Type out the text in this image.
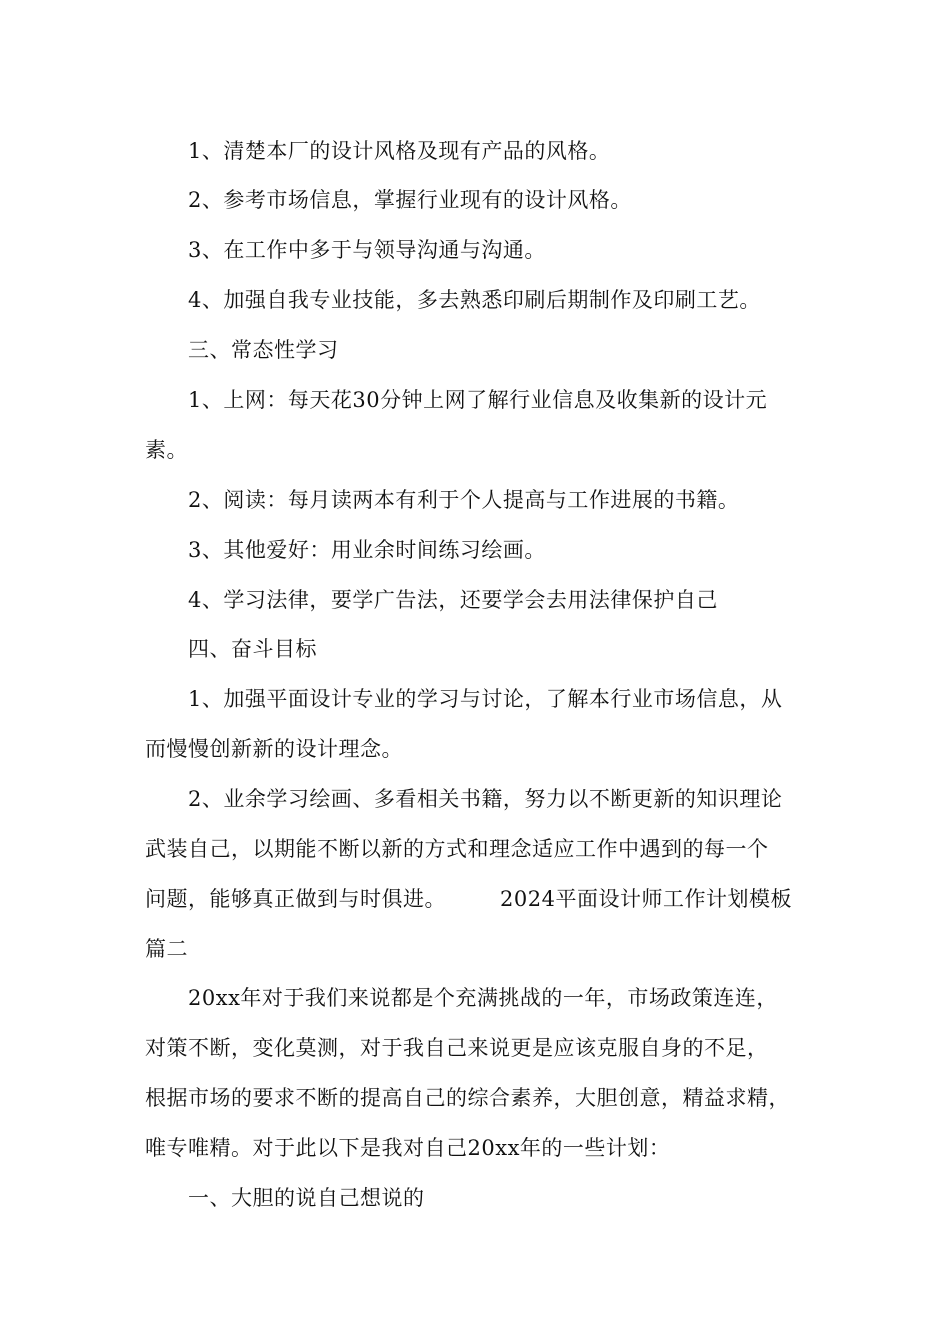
1、清楚本厂的设计风格及现有产品的风格。
2、参考市场信息，掌握行业现有的设计风格。
3、在工作中多于与领导沟通与沟通。
4、加强自我专业技能，多去熟悉印刷后期制作及印刷工艺。
三、常态性学习
1、上网：每天花30分钟上网了解行业信息及收集新的设计元
素。
2、阅读：每月读两本有利于个人提高与工作进展的书籍。
3、其他爱好：用业余时间练习绘画。
4、学习法律，要学广告法，还要学会去用法律保护自己
四、奋斗目标
1、加强平面设计专业的学习与讨论，了解本行业市场信息，从
而慢慢创新新的设计理念。
2、业余学习绘画、多看相关书籍，努力以不断更新的知识理论
武装自己，以期能不断以新的方式和理念适应工作中遇到的每一个
问题，能够真正做到与时俱进。　　　2024平面设计师工作计划模板
篇二
20xx年对于我们来说都是个充满挑战的一年，市场政策连连，
对策不断，变化莫测，对于我自己来说更是应该克服自身的不足，
根据市场的要求不断的提高自己的综合素养，大胆创意，精益求精，
唯专唯精。对于此以下是我对自己20xx年的一些计划：
一、大胆的说自己想说的
